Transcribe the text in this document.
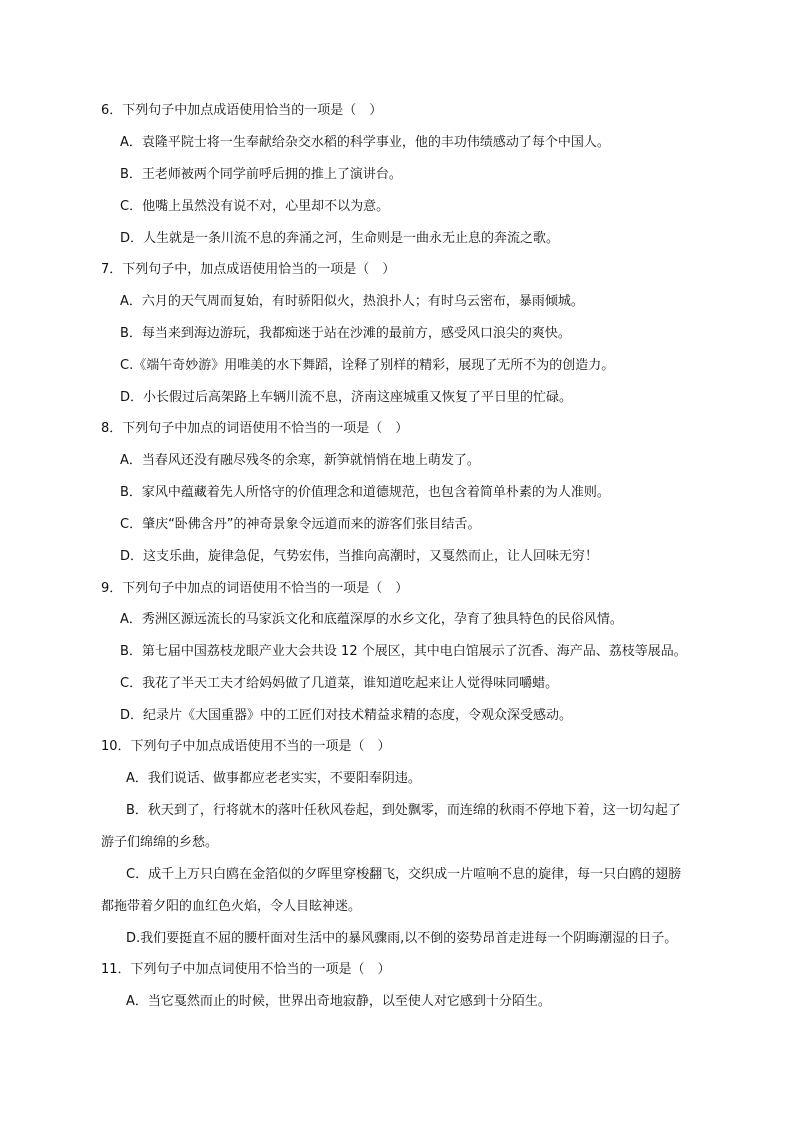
6．下列句子中加点成语使用恰当的一项是（　）
A．袁隆平院士将一生奉献给杂交水稻的科学事业，他的丰功伟绩感动了每个中国人。
B．王老师被两个同学前呼后拥的推上了演讲台。
C．他嘴上虽然没有说不对，心里却不以为意。
D．人生就是一条川流不息的奔涌之河，生命则是一曲永无止息的奔流之歌。
7．下列句子中，加点成语使用恰当的一项是（　）
A．六月的天气周而复始，有时骄阳似火，热浪扑人；有时乌云密布，暴雨倾城。
B．每当来到海边游玩，我都痴迷于站在沙滩的最前方，感受风口浪尖的爽快。
C.《端午奇妙游》用唯美的水下舞蹈，诠释了别样的精彩，展现了无所不为的创造力。
D．小长假过后高架路上车辆川流不息，济南这座城重又恢复了平日里的忙碌。
8．下列句子中加点的词语使用不恰当的一项是（　）
A．当春风还没有融尽残冬的余寒，新笋就悄悄在地上萌发了。
B．家风中蕴藏着先人所恪守的价值理念和道德规范，也包含着简单朴素的为人准则。
C．肇庆“卧佛含丹”的神奇景象令远道而来的游客们张目结舌。
D．这支乐曲，旋律急促，气势宏伟，当推向高潮时，又戛然而止，让人回味无穷！
9．下列句子中加点的词语使用不恰当的一项是（　）
A．秀洲区源远流长的马家浜文化和底蕴深厚的水乡文化，孕育了独具特色的民俗风情。
B．第七届中国荔枝龙眼产业大会共设 12 个展区，其中电白馆展示了沉香、海产品、荔枝等展品。
C．我花了半天工夫才给妈妈做了几道菜，谁知道吃起来让人觉得味同嚼蜡。
D．纪录片《大国重器》中的工匠们对技术精益求精的态度，令观众深受感动。
10．下列句子中加点成语使用不当的一项是（　）
A．我们说话、做事都应老老实实，不要阳奉阴违。
B．秋天到了，行将就木的落叶任秋风卷起，到处飘零，而连绵的秋雨不停地下着，这一切勾起了
游子们绵绵的乡愁。
C．成千上万只白鸥在金箔似的夕晖里穿梭翻飞，交织成一片喧响不息的旋律，每一只白鸥的翅膀
都拖带着夕阳的血红色火焰，令人目眩神迷。
D.我们要挺直不屈的腰杆面对生活中的暴风骤雨,以不倒的姿势昂首走进每一个阴晦潮湿的日子。
11．下列句子中加点词使用不恰当的一项是（　）
A．当它戛然而止的时候，世界出奇地寂静，以至使人对它感到十分陌生。
